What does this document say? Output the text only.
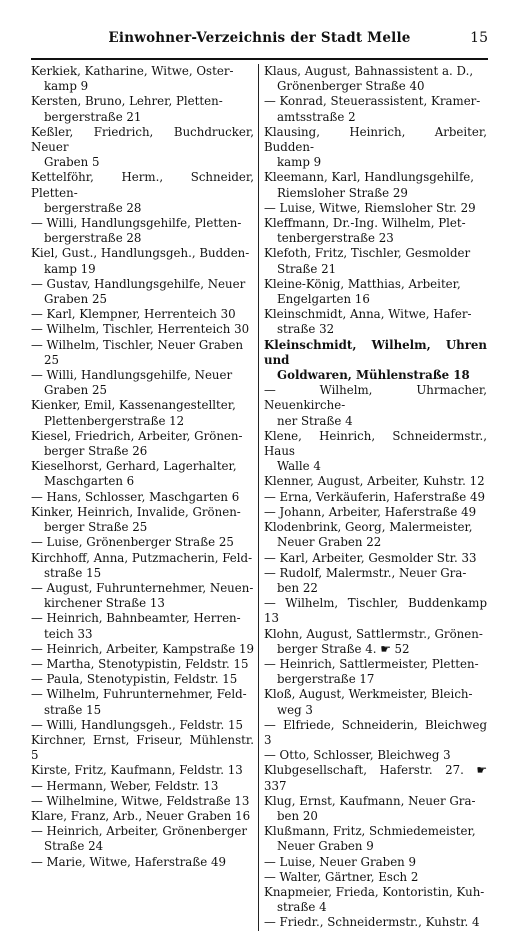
Einwohner-Verzeichnis der Stadt Melle	15
Kerkiek, Katharine, Witwe, Oster-
kamp 9
Kersten, Bruno, Lehrer, Pletten-
bergerstraße 21
Keßler, Friedrich, Buchdrucker, Neuer
Graben 5
Kettelföhr, Herm., Schneider, Pletten-
bergerstraße 28
— Willi, Handlungsgehilfe, Pletten-
bergerstraße 28
Kiel, Gust., Handlungsgeh., Budden-
kamp 19
— Gustav, Handlungsgehilfe, Neuer
Graben 25
— Karl, Klempner, Herrenteich 30
— Wilhelm, Tischler, Herrenteich 30
— Wilhelm, Tischler, Neuer Graben
25
— Willi, Handlungsgehilfe, Neuer
Graben 25
Kienker, Emil, Kassenangestellter,
Plettenbergerstraße 12
Kiesel, Friedrich, Arbeiter, Grönen-
berger Straße 26
Kieselhorst, Gerhard, Lagerhalter,
Maschgarten 6
— Hans, Schlosser, Maschgarten 6
Kinker, Heinrich, Invalide, Grönen-
berger Straße 25
— Luise, Grönenberger Straße 25
Kirchhoff, Anna, Putzmacherin, Feld-
straße 15
— August, Fuhrunternehmer, Neuen-
kirchener Straße 13
— Heinrich, Bahnbeamter, Herren-
teich 33
— Heinrich, Arbeiter, Kampstraße 19
— Martha, Stenotypistin, Feldstr. 15
— Paula, Stenotypistin, Feldstr. 15
— Wilhelm, Fuhrunternehmer, Feld-
straße 15
— Willi, Handlungsgeh., Feldstr. 15
Kirchner, Ernst, Friseur, Mühlenstr. 5
Kirste, Fritz, Kaufmann, Feldstr. 13
— Hermann, Weber, Feldstr. 13
— Wilhelmine, Witwe, Feldstraße 13
Klare, Franz, Arb., Neuer Graben 16
— Heinrich, Arbeiter, Grönenberger
Straße 24
— Marie, Witwe, Haferstraße 49
Klaus, August, Bahnassistent a. D.,
Grönenberger Straße 40
— Konrad, Steuerassistent, Kramer-
amtsstraße 2
Klausing, Heinrich, Arbeiter, Budden-
kamp 9
Kleemann, Karl, Handlungsgehilfe,
Riemsloher Straße 29
— Luise, Witwe, Riemsloher Str. 29
Kleffmann, Dr.-Ing. Wilhelm, Plet-
tenbergerstraße 23
Klefoth, Fritz, Tischler, Gesmolder
Straße 21
Kleine-König, Matthias, Arbeiter,
Engelgarten 16
Kleinschmidt, Anna, Witwe, Hafer-
straße 32
Kleinschmidt, Wilhelm, Uhren und
Goldwaren, Mühlenstraße 18
— Wilhelm, Uhrmacher, Neuenkirche-
ner Straße 4
Klene, Heinrich, Schneidermstr., Haus
Walle 4
Klenner, August, Arbeiter, Kuhstr. 12
— Erna, Verkäuferin, Haferstraße 49
— Johann, Arbeiter, Haferstraße 49
Klodenbrink, Georg, Malermeister,
Neuer Graben 22
— Karl, Arbeiter, Gesmolder Str. 33
— Rudolf, Malermstr., Neuer Gra-
ben 22
— Wilhelm, Tischler, Buddenkamp 13
Klohn, August, Sattlermstr., Grönen-
berger Straße 4. ☛ 52
— Heinrich, Sattlermeister, Pletten-
bergerstraße 17
Kloß, August, Werkmeister, Bleich-
weg 3
— Elfriede, Schneiderin, Bleichweg 3
— Otto, Schlosser, Bleichweg 3
Klubgesellschaft, Haferstr. 27. ☛ 337
Klug, Ernst, Kaufmann, Neuer Gra-
ben 20
Klußmann, Fritz, Schmiedemeister,
Neuer Graben 9
— Luise, Neuer Graben 9
— Walter, Gärtner, Esch 2
Knapmeier, Frieda, Kontoristin, Kuh-
straße 4
— Friedr., Schneidermstr., Kuhstr. 4
